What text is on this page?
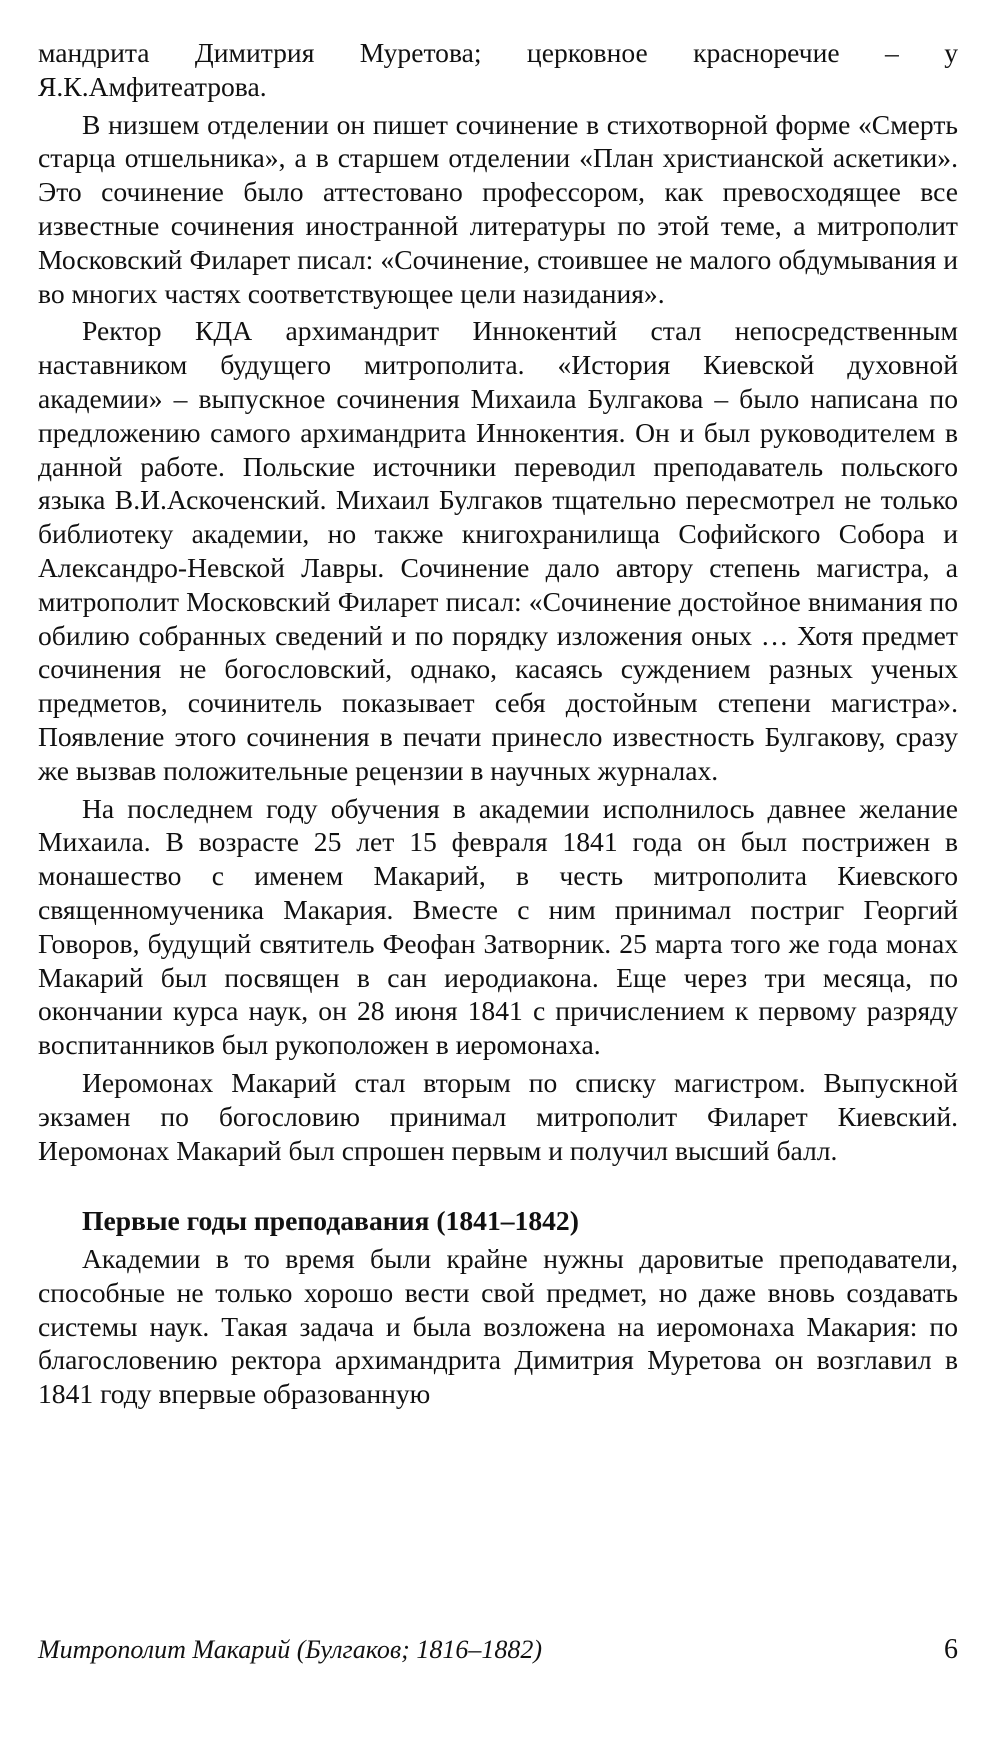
мандрита Димитрия Муретова; церковное красноречие – у Я.К.Амфитеатрова.

В низшем отделении он пишет сочинение в стихотворной форме «Смерть старца отшельника», а в старшем отделении «План христианской аскетики». Это сочинение было аттестовано профессором, как превосходящее все известные сочинения иностранной литературы по этой теме, а митрополит Московский Филарет писал: «Сочинение, стоившее не малого обдумывания и во многих частях соответствующее цели назидания».

Ректор КДА архимандрит Иннокентий стал непосредственным наставником будущего митрополита. «История Киевской духовной академии» – выпускное сочинения Михаила Булгакова – было написана по предложению самого архимандрита Иннокентия. Он и был руководителем в данной работе. Польские источники переводил преподаватель польского языка В.И.Аскоченский. Михаил Булгаков тщательно пересмотрел не только библиотеку академии, но также книгохранилища Софийского Собора и Александро-Невской Лавры. Сочинение дало автору степень магистра, а митрополит Московский Филарет писал: «Сочинение достойное внимания по обилию собранных сведений и по порядку изложения оных … Хотя предмет сочинения не богословский, однако, касаясь суждением разных ученых предметов, сочинитель показывает себя достойным степени магистра». Появление этого сочинения в печати принесло известность Булгакову, сразу же вызвав положительные рецензии в научных журналах.

На последнем году обучения в академии исполнилось давнее желание Михаила. В возрасте 25 лет 15 февраля 1841 года он был пострижен в монашество с именем Макарий, в честь митрополита Киевского священномученика Макария. Вместе с ним принимал постриг Георгий Говоров, будущий святитель Феофан Затворник. 25 марта того же года монах Макарий был посвящен в сан иеродиакона. Еще через три месяца, по окончании курса наук, он 28 июня 1841 с причислением к первому разряду воспитанников был рукоположен в иеромонаха.

Иеромонах Макарий стал вторым по списку магистром. Выпускной экзамен по богословию принимал митрополит Филарет Киевский. Иеромонах Макарий был спрошен первым и получил высший балл.

Первые годы преподавания (1841–1842)

Академии в то время были крайне нужны даровитые преподаватели, способные не только хорошо вести свой предмет, но даже вновь создавать системы наук. Такая задача и была возложена на иеромонаха Макария: по благословению ректора архимандрита Димитрия Муретова он возглавил в 1841 году впервые образованную

Митрополит Макарий (Булгаков; 1816–1882)	6
